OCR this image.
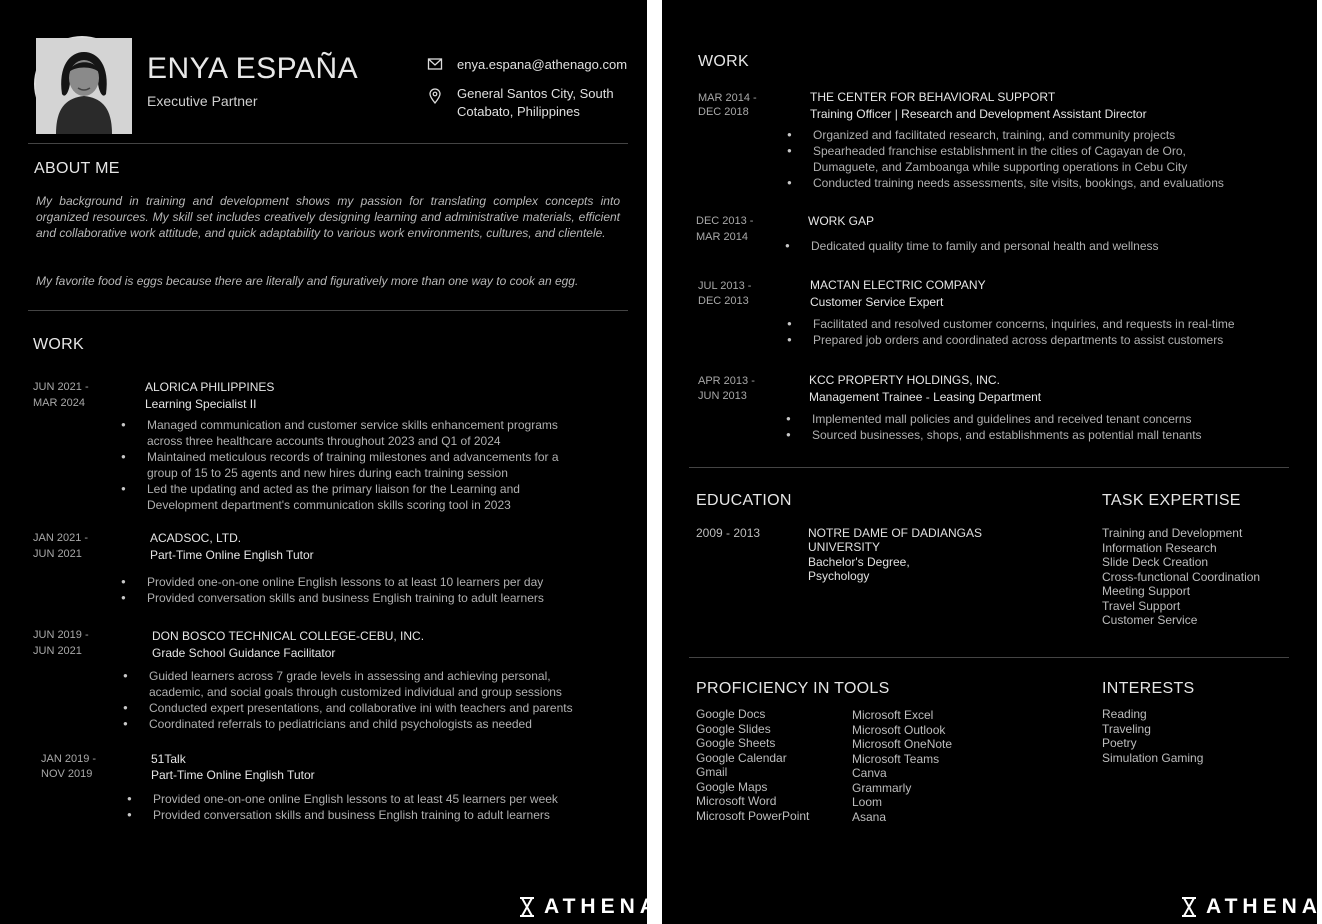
ENYA ESPAÑA
Executive Partner
enya.espana@athenago.com
General Santos City, South
Cotabato, Philippines
ABOUT ME
My background in training and development shows my passion for translating complex concepts into organized resources. My skill set includes creatively designing learning and administrative materials, efficient and collaborative work attitude, and quick adaptability to various work environments, cultures, and clientele.
My favorite food is eggs because there are literally and figuratively more than one way to cook an egg.
WORK
JUN 2021 -
MAR 2024
ALORICA PHILIPPINES
Learning Specialist II
● Managed communication and customer service skills enhancement programs
across three healthcare accounts throughout 2023 and Q1 of 2024
● Maintained meticulous records of training milestones and advancements for a
group of 15 to 25 agents and new hires during each training session
● Led the updating and acted as the primary liaison for the Learning and
Development department's communication skills scoring tool in 2023
JAN 2021 -
JUN 2021
ACADSOC, LTD.
Part-Time Online English Tutor
● Provided one-on-one online English lessons to at least 10 learners per day
● Provided conversation skills and business English training to adult learners
JUN 2019 -
JUN 2021
DON BOSCO TECHNICAL COLLEGE-CEBU, INC.
Grade School Guidance Facilitator
● Guided learners across 7 grade levels in assessing and achieving personal,
academic, and social goals through customized individual and group sessions
● Conducted expert presentations, and collaborative ini with teachers and parents
● Coordinated referrals to pediatricians and child psychologists as needed
JAN 2019 -
NOV 2019
51Talk
Part-Time Online English Tutor
● Provided one-on-one online English lessons to at least 45 learners per week
● Provided conversation skills and business English training to adult learners
ATHENA
WORK
MAR 2014 -
DEC 2018
THE CENTER FOR BEHAVIORAL SUPPORT
Training Officer | Research and Development Assistant Director
● Organized and facilitated research, training, and community projects
● Spearheaded franchise establishment in the cities of Cagayan de Oro,
Dumaguete, and Zamboanga while supporting operations in Cebu City
● Conducted training needs assessments, site visits, bookings, and evaluations
DEC 2013 -
MAR 2014
WORK GAP
● Dedicated quality time to family and personal health and wellness
JUL 2013 -
DEC 2013
MACTAN ELECTRIC COMPANY
Customer Service Expert
● Facilitated and resolved customer concerns, inquiries, and requests in real-time
● Prepared job orders and coordinated across departments to assist customers
APR 2013 -
JUN 2013
KCC PROPERTY HOLDINGS, INC.
Management Trainee - Leasing Department
● Implemented mall policies and guidelines and received tenant concerns
● Sourced businesses, shops, and establishments as potential mall tenants
EDUCATION
2009 - 2013	NOTRE DAME OF DADIANGAS
UNIVERSITY
Bachelor's Degree,
Psychology
TASK EXPERTISE
Training and Development
Information Research
Slide Deck Creation
Cross-functional Coordination
Meeting Support
Travel Support
Customer Service
PROFICIENCY IN TOOLS
Google Docs
Google Slides
Google Sheets
Google Calendar
Gmail
Google Maps
Microsoft Word
Microsoft PowerPoint
Microsoft Excel
Microsoft Outlook
Microsoft OneNote
Microsoft Teams
Canva
Grammarly
Loom
Asana
INTERESTS
Reading
Traveling
Poetry
Simulation Gaming
ATHENA
